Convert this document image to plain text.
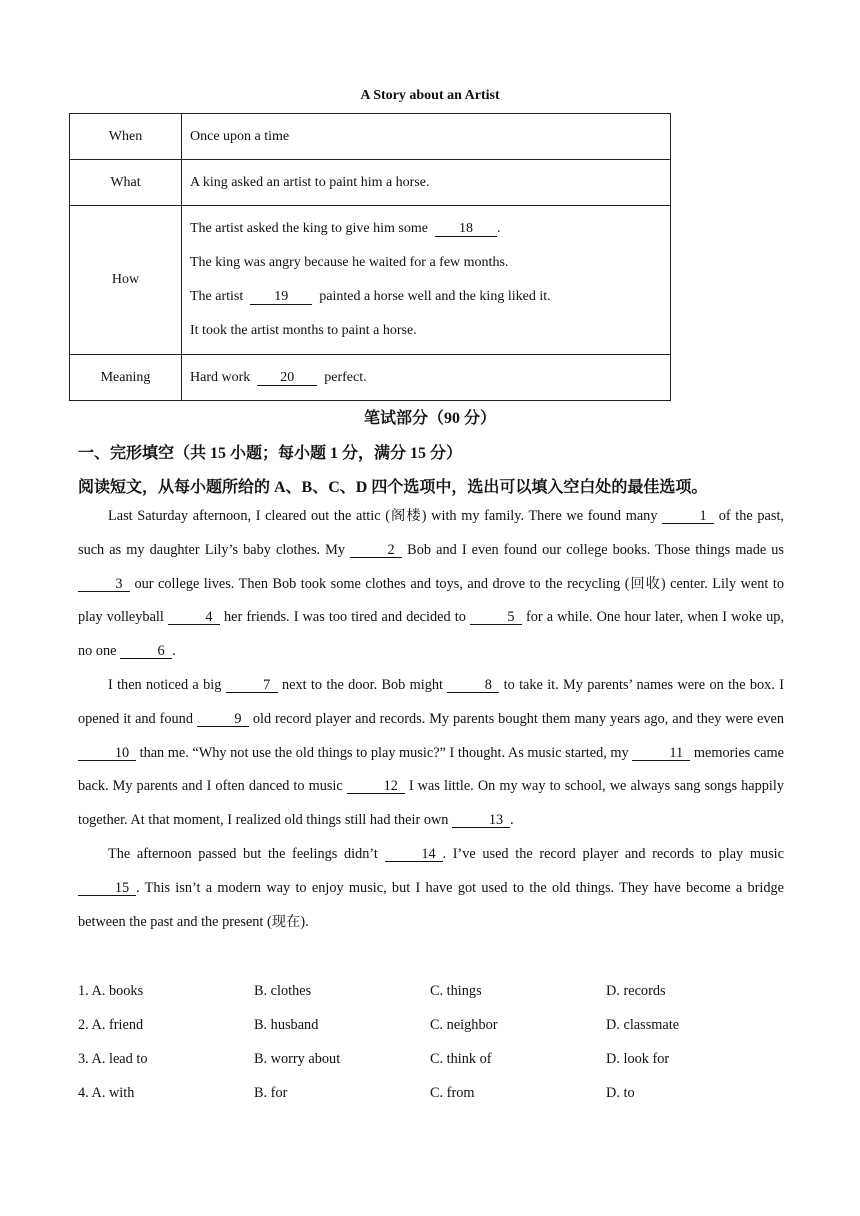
A Story about an Artist
When	Once upon a time
What	A king asked an artist to paint him a horse.
How	The artist asked the king to give him some 18 .
The king was angry because he waited for a few months.
The artist 19 painted a horse well and the king liked it.
It took the artist months to paint a horse.

Meaning	Hard work 20 perfect.
笔试部分（90 分）
一、完形填空（共 15 小题；每小题 1 分，满分 15 分）
阅读短文，从每小题所给的 A、B、C、D 四个选项中，选出可以填入空白处的最佳选项。

Last Saturday afternoon, I cleared out the attic (阁楼) with my family. There we found many	1 of the past, such as my daughter Lily’s baby clothes. My	2 Bob and I even found our college books. Those things made us 3 our college lives. Then Bob took some clothes and toys, and drove to the recycling (回收) center. Lily went to play volleyball	4 her friends. I was too tired and decided to	5 for a while. One hour later, when I woke up, no one	6 .

I then noticed a big	7 next to the door. Bob might	8 to take it. My parents’ names were on the box. I opened it and found	9 old record player and records. My parents bought them many years ago, and they were even 10 than me. “Why not use the old things to play music?” I thought. As music started, my	11 memories came back. My parents and I often danced to music	12 I was little. On my way to school, we always sang songs happily together. At that moment, I realized old things still had their own	13 .

The afternoon passed but the feelings didn’t	14 . I’ve used the record player and records to play music 15 . This isn’t a modern way to enjoy music, but I have got used to the old things. They have become a bridge between the past and the present (现在).

1. A. books	B. clothes	C. things	D. records
2. A. friend	B. husband	C. neighbor	D. classmate
3. A. lead to	B. worry about	C. think of	D. look for
4. A. with	B. for	C. from	D. to
